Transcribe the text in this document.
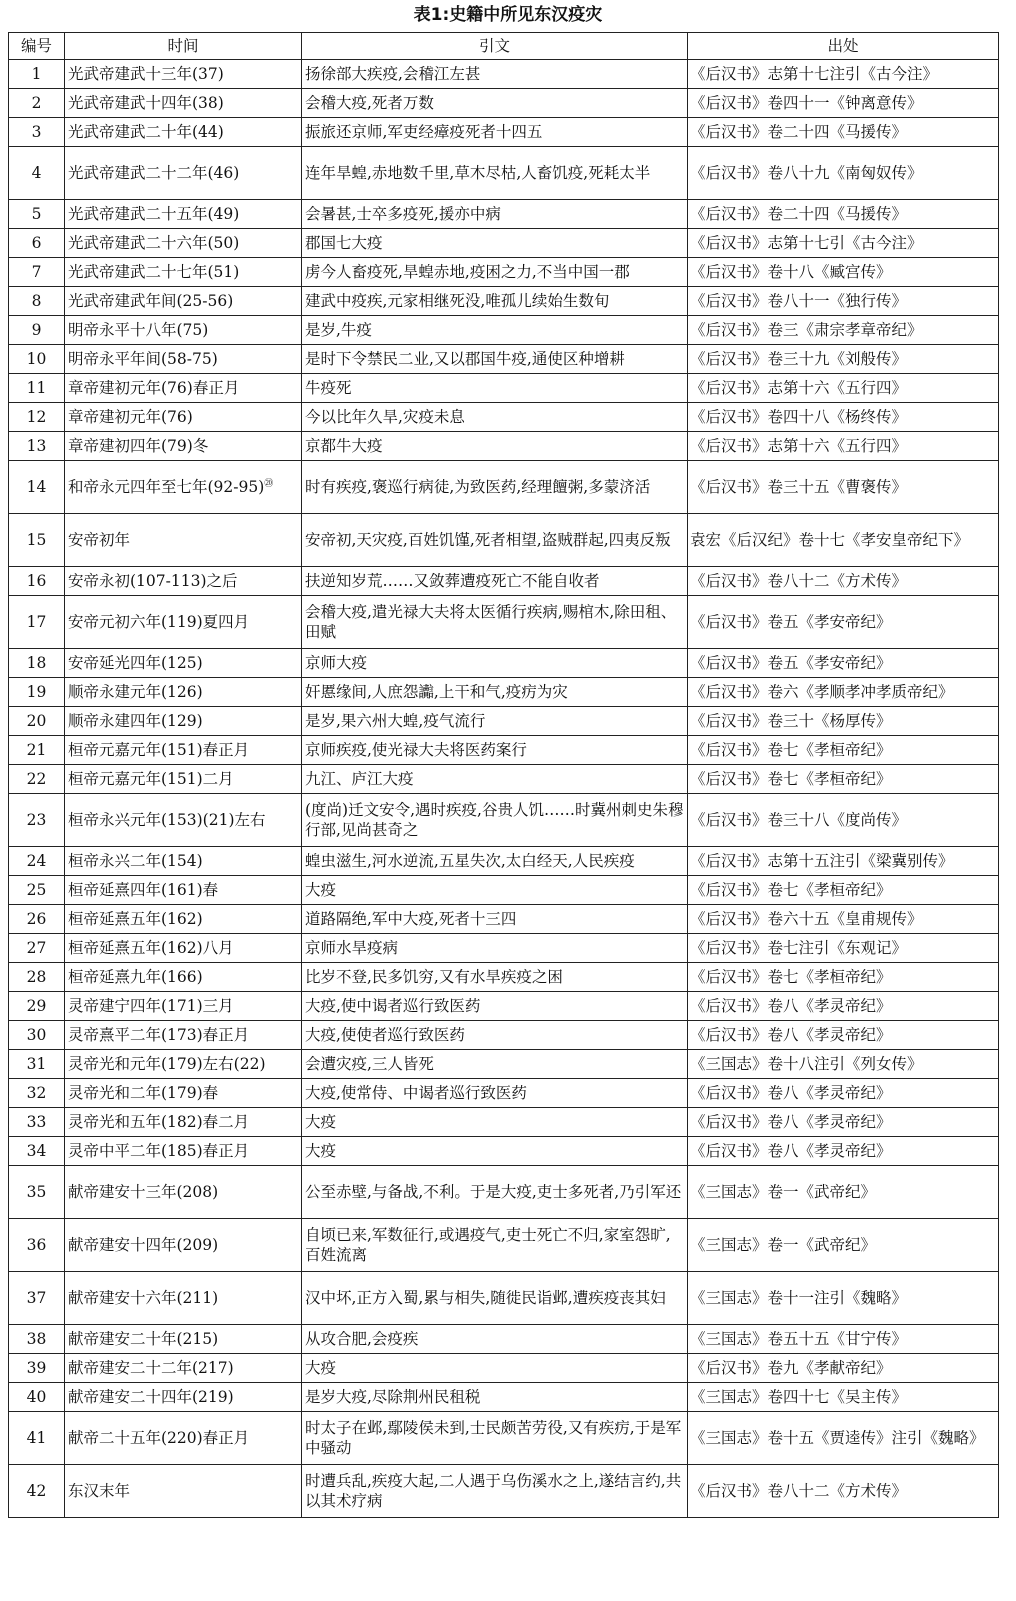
表1:史籍中所见东汉疫灾
编号	时间	引文	出处
1	光武帝建武十三年(37)	扬徐部大疾疫,会稽江左甚	《后汉书》志第十七注引《古今注》
2	光武帝建武十四年(38)	会稽大疫,死者万数	《后汉书》卷四十一《钟离意传》
3	光武帝建武二十年(44)	振旅还京师,军吏经瘴疫死者十四五	《后汉书》卷二十四《马援传》
4	光武帝建武二十二年(46)	连年旱蝗,赤地数千里,草木尽枯,人畜饥疫,死耗太半	《后汉书》卷八十九《南匈奴传》
5	光武帝建武二十五年(49)	会暑甚,士卒多疫死,援亦中病	《后汉书》卷二十四《马援传》
6	光武帝建武二十六年(50)	郡国七大疫	《后汉书》志第十七引《古今注》
7	光武帝建武二十七年(51)	虏今人畜疫死,旱蝗赤地,疫困之力,不当中国一郡	《后汉书》卷十八《臧宫传》
8	光武帝建武年间(25-56)	建武中疫疾,元家相继死没,唯孤儿续始生数旬	《后汉书》卷八十一《独行传》
9	明帝永平十八年(75)	是岁,牛疫	《后汉书》卷三《肃宗孝章帝纪》
10	明帝永平年间(58-75)	是时下令禁民二业,又以郡国牛疫,通使区种增耕	《后汉书》卷三十九《刘般传》
11	章帝建初元年(76)春正月	牛疫死	《后汉书》志第十六《五行四》
12	章帝建初元年(76)	今以比年久旱,灾疫未息	《后汉书》卷四十八《杨终传》
13	章帝建初四年(79)冬	京都牛大疫	《后汉书》志第十六《五行四》
14	和帝永元四年至七年(92-95)⑳	时有疾疫,褒巡行病徒,为致医药,经理饘粥,多蒙济活	《后汉书》卷三十五《曹褒传》
15	安帝初年	安帝初,天灾疫,百姓饥馑,死者相望,盗贼群起,四夷反叛	袁宏《后汉纪》卷十七《孝安皇帝纪下》
16	安帝永初(107-113)之后	扶逆知岁荒……又敛葬遭疫死亡不能自收者	《后汉书》卷八十二《方术传》
17	安帝元初六年(119)夏四月	会稽大疫,遣光禄大夫将太医循行疾病,赐棺木,除田租、田赋	《后汉书》卷五《孝安帝纪》
18	安帝延光四年(125)	京师大疫	《后汉书》卷五《孝安帝纪》
19	顺帝永建元年(126)	奸慝缘间,人庶怨讟,上干和气,疫疠为灾	《后汉书》卷六《孝顺孝冲孝质帝纪》
20	顺帝永建四年(129)	是岁,果六州大蝗,疫气流行	《后汉书》卷三十《杨厚传》
21	桓帝元嘉元年(151)春正月	京师疾疫,使光禄大夫将医药案行	《后汉书》卷七《孝桓帝纪》
22	桓帝元嘉元年(151)二月	九江、庐江大疫	《后汉书》卷七《孝桓帝纪》
23	桓帝永兴元年(153)(21)左右	(度尚)迁文安令,遇时疾疫,谷贵人饥……时冀州刺史朱穆行部,见尚甚奇之	《后汉书》卷三十八《度尚传》
24	桓帝永兴二年(154)	蝗虫滋生,河水逆流,五星失次,太白经天,人民疾疫	《后汉书》志第十五注引《梁冀别传》
25	桓帝延熹四年(161)春	大疫	《后汉书》卷七《孝桓帝纪》
26	桓帝延熹五年(162)	道路隔绝,军中大疫,死者十三四	《后汉书》卷六十五《皇甫规传》
27	桓帝延熹五年(162)八月	京师水旱疫病	《后汉书》卷七注引《东观记》
28	桓帝延熹九年(166)	比岁不登,民多饥穷,又有水旱疾疫之困	《后汉书》卷七《孝桓帝纪》
29	灵帝建宁四年(171)三月	大疫,使中谒者巡行致医药	《后汉书》卷八《孝灵帝纪》
30	灵帝熹平二年(173)春正月	大疫,使使者巡行致医药	《后汉书》卷八《孝灵帝纪》
31	灵帝光和元年(179)左右(22)	会遭灾疫,三人皆死	《三国志》卷十八注引《列女传》
32	灵帝光和二年(179)春	大疫,使常侍、中谒者巡行致医药	《后汉书》卷八《孝灵帝纪》
33	灵帝光和五年(182)春二月	大疫	《后汉书》卷八《孝灵帝纪》
34	灵帝中平二年(185)春正月	大疫	《后汉书》卷八《孝灵帝纪》
35	献帝建安十三年(208)	公至赤壁,与备战,不利。于是大疫,吏士多死者,乃引军还	《三国志》卷一《武帝纪》
36	献帝建安十四年(209)	自顷已来,军数征行,或遇疫气,吏士死亡不归,家室怨旷,百姓流离	《三国志》卷一《武帝纪》
37	献帝建安十六年(211)	汉中坏,正方入蜀,累与相失,随徙民诣邺,遭疾疫丧其妇	《三国志》卷十一注引《魏略》
38	献帝建安二十年(215)	从攻合肥,会疫疾	《三国志》卷五十五《甘宁传》
39	献帝建安二十二年(217)	大疫	《后汉书》卷九《孝献帝纪》
40	献帝建安二十四年(219)	是岁大疫,尽除荆州民租税	《三国志》卷四十七《吴主传》
41	献帝二十五年(220)春正月	时太子在邺,鄢陵侯未到,士民颇苦劳役,又有疾疠,于是军中骚动	《三国志》卷十五《贾逵传》注引《魏略》
42	东汉末年	时遭兵乱,疾疫大起,二人遇于乌伤溪水之上,遂结言约,共以其术疗病	《后汉书》卷八十二《方术传》
